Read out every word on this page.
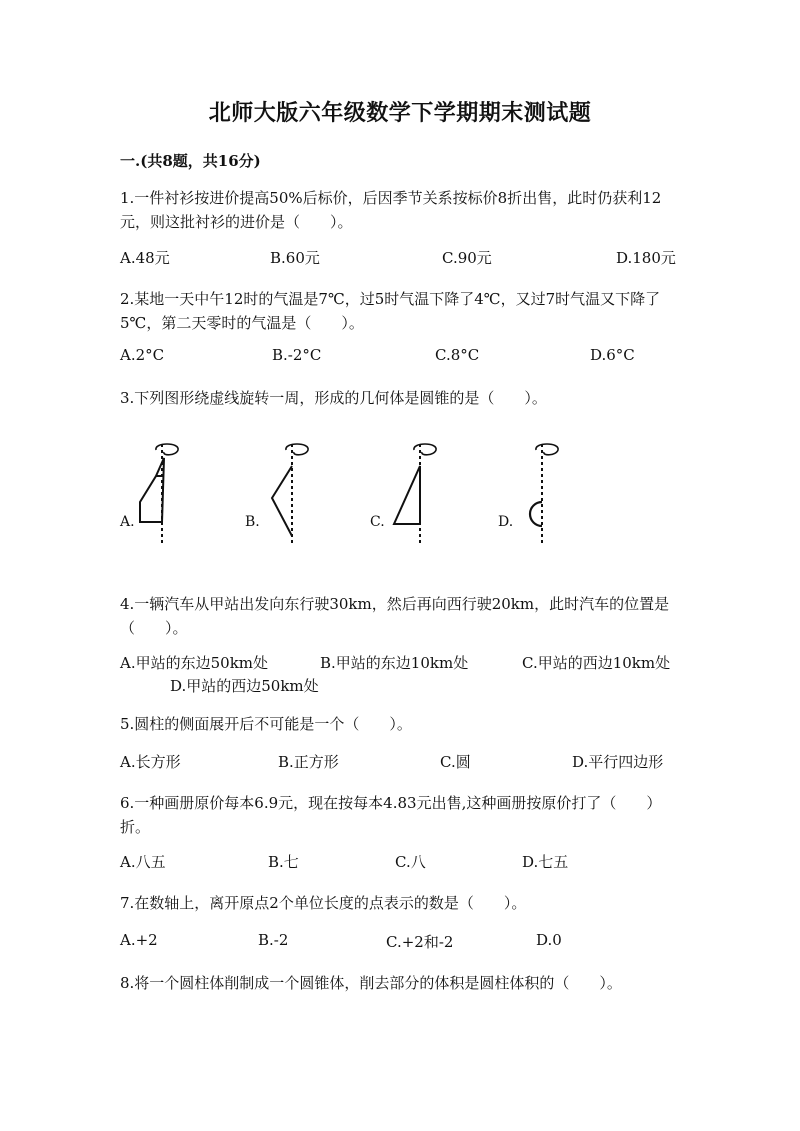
北师大版六年级数学下学期期末测试题
一.(共8题，共16分)
1.一件衬衫按进价提高50%后标价，后因季节关系按标价8折出售，此时仍获利12元，则这批衬衫的进价是（　　）。
A.48元	B.60元	C.90元	D.180元
2.某地一天中午12时的气温是7℃，过5时气温下降了4℃，又过7时气温又下降了5℃，第二天零时的气温是（　　）。
A.2°C	B.-2°C	C.8°C	D.6°C
3.下列图形绕虚线旋转一周，形成的几何体是圆锥的是（　　）。
A.	B.	C.	D.
4.一辆汽车从甲站出发向东行驶30km，然后再向西行驶20km，此时汽车的位置是（　　）。
A.甲站的东边50km处	B.甲站的东边10km处	C.甲站的西边10km处
D.甲站的西边50km处
5.圆柱的侧面展开后不可能是一个（　　）。
A.长方形	B.正方形	C.圆	D.平行四边形
6.一种画册原价每本6.9元，现在按每本4.83元出售,这种画册按原价打了（　　）折。
A.八五	B.七	C.八	D.七五
7.在数轴上，离开原点2个单位长度的点表示的数是（　　）。
A.+2	B.-2	C.+2和-2	D.0
8.将一个圆柱体削制成一个圆锥体，削去部分的体积是圆柱体积的（　　）。
